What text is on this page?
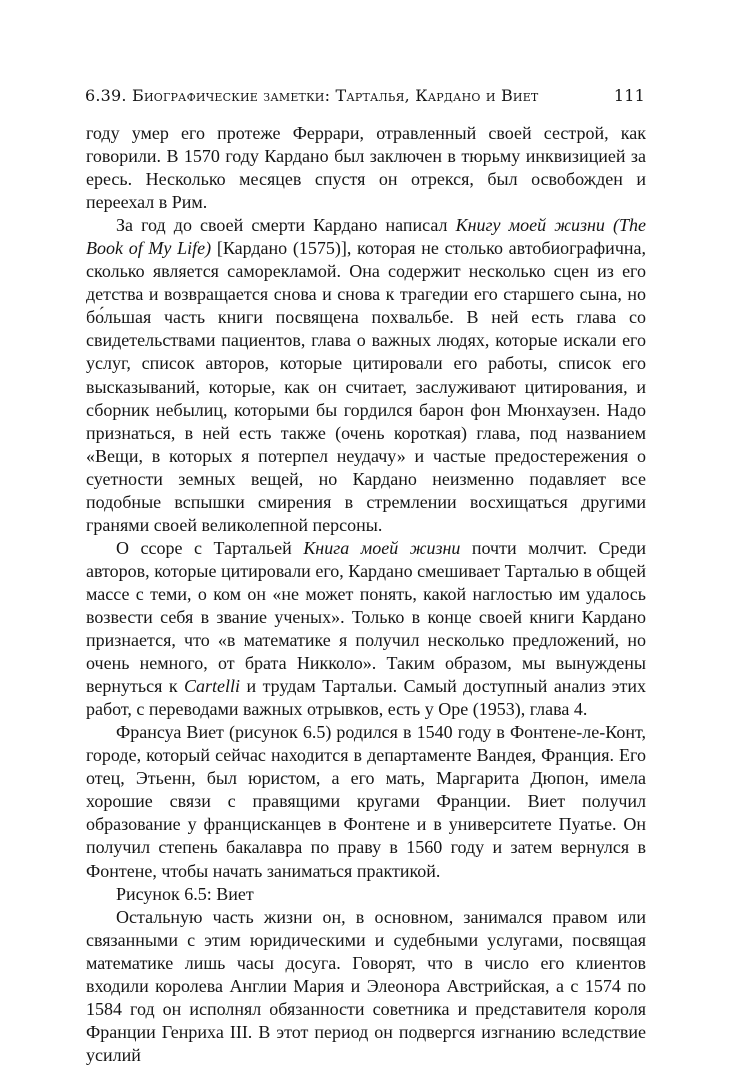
6.39. Биографические заметки: Тарталья, Кардано и Виет	111

году умер его протеже Феррари, отравленный своей сестрой, как говорили. В 1570 году Кардано был заключен в тюрьму инквизицией за ересь. Несколько месяцев спустя он отрекся, был освобожден и переехал в Рим.

За год до своей смерти Кардано написал Книгу моей жизни (The Book of My Life) [Кардано (1575)], которая не столько автобиографична, сколько является саморекламой. Она содержит несколько сцен из его детства и возвращается снова и снова к трагедии его старшего сына, но бо́льшая часть книги посвящена похвальбе. В ней есть глава со свидетельствами пациентов, глава о важных людях, которые искали его услуг, список авторов, которые цитировали его работы, список его высказываний, которые, как он считает, заслуживают цитирования, и сборник небылиц, которыми бы гордился барон фон Мюнхаузен. Надо признаться, в ней есть также (очень короткая) глава, под названием «Вещи, в которых я потерпел неудачу» и частые предостережения о суетности земных вещей, но Кардано неизменно подавляет все подобные вспышки смирения в стремлении восхищаться другими гранями своей великолепной персоны.

О ссоре с Тартальей Книга моей жизни почти молчит. Среди авторов, которые цитировали его, Кардано смешивает Тарталью в общей массе с теми, о ком он «не может понять, какой наглостью им удалось возвести себя в звание ученых». Только в конце своей книги Кардано признается, что «в математике я получил несколько предложений, но очень немного, от брата Никколо». Таким образом, мы вынуждены вернуться к Cartelli и трудам Тартальи. Самый доступный анализ этих работ, с переводами важных отрывков, есть у Оре (1953), глава 4.

Франсуа Виет (рисунок 6.5) родился в 1540 году в Фонтене-ле-Конт, городе, который сейчас находится в департаменте Вандея, Франция. Его отец, Этьенн, был юристом, а его мать, Маргарита Дюпон, имела хорошие связи с правящими кругами Франции. Виет получил образование у францисканцев в Фонтене и в университете Пуатье. Он получил степень бакалавра по праву в 1560 году и затем вернулся в Фонтене, чтобы начать заниматься практикой.

Рисунок 6.5: Виет

Остальную часть жизни он, в основном, занимался правом или связанными с этим юридическими и судебными услугами, посвящая математике лишь часы досуга. Говорят, что в число его клиентов входили королева Англии Мария и Элеонора Австрийская, а с 1574 по 1584 год он исполнял обязанности советника и представителя короля Франции Генриха III. В этот период он подвергся изгнанию вследствие усилий
